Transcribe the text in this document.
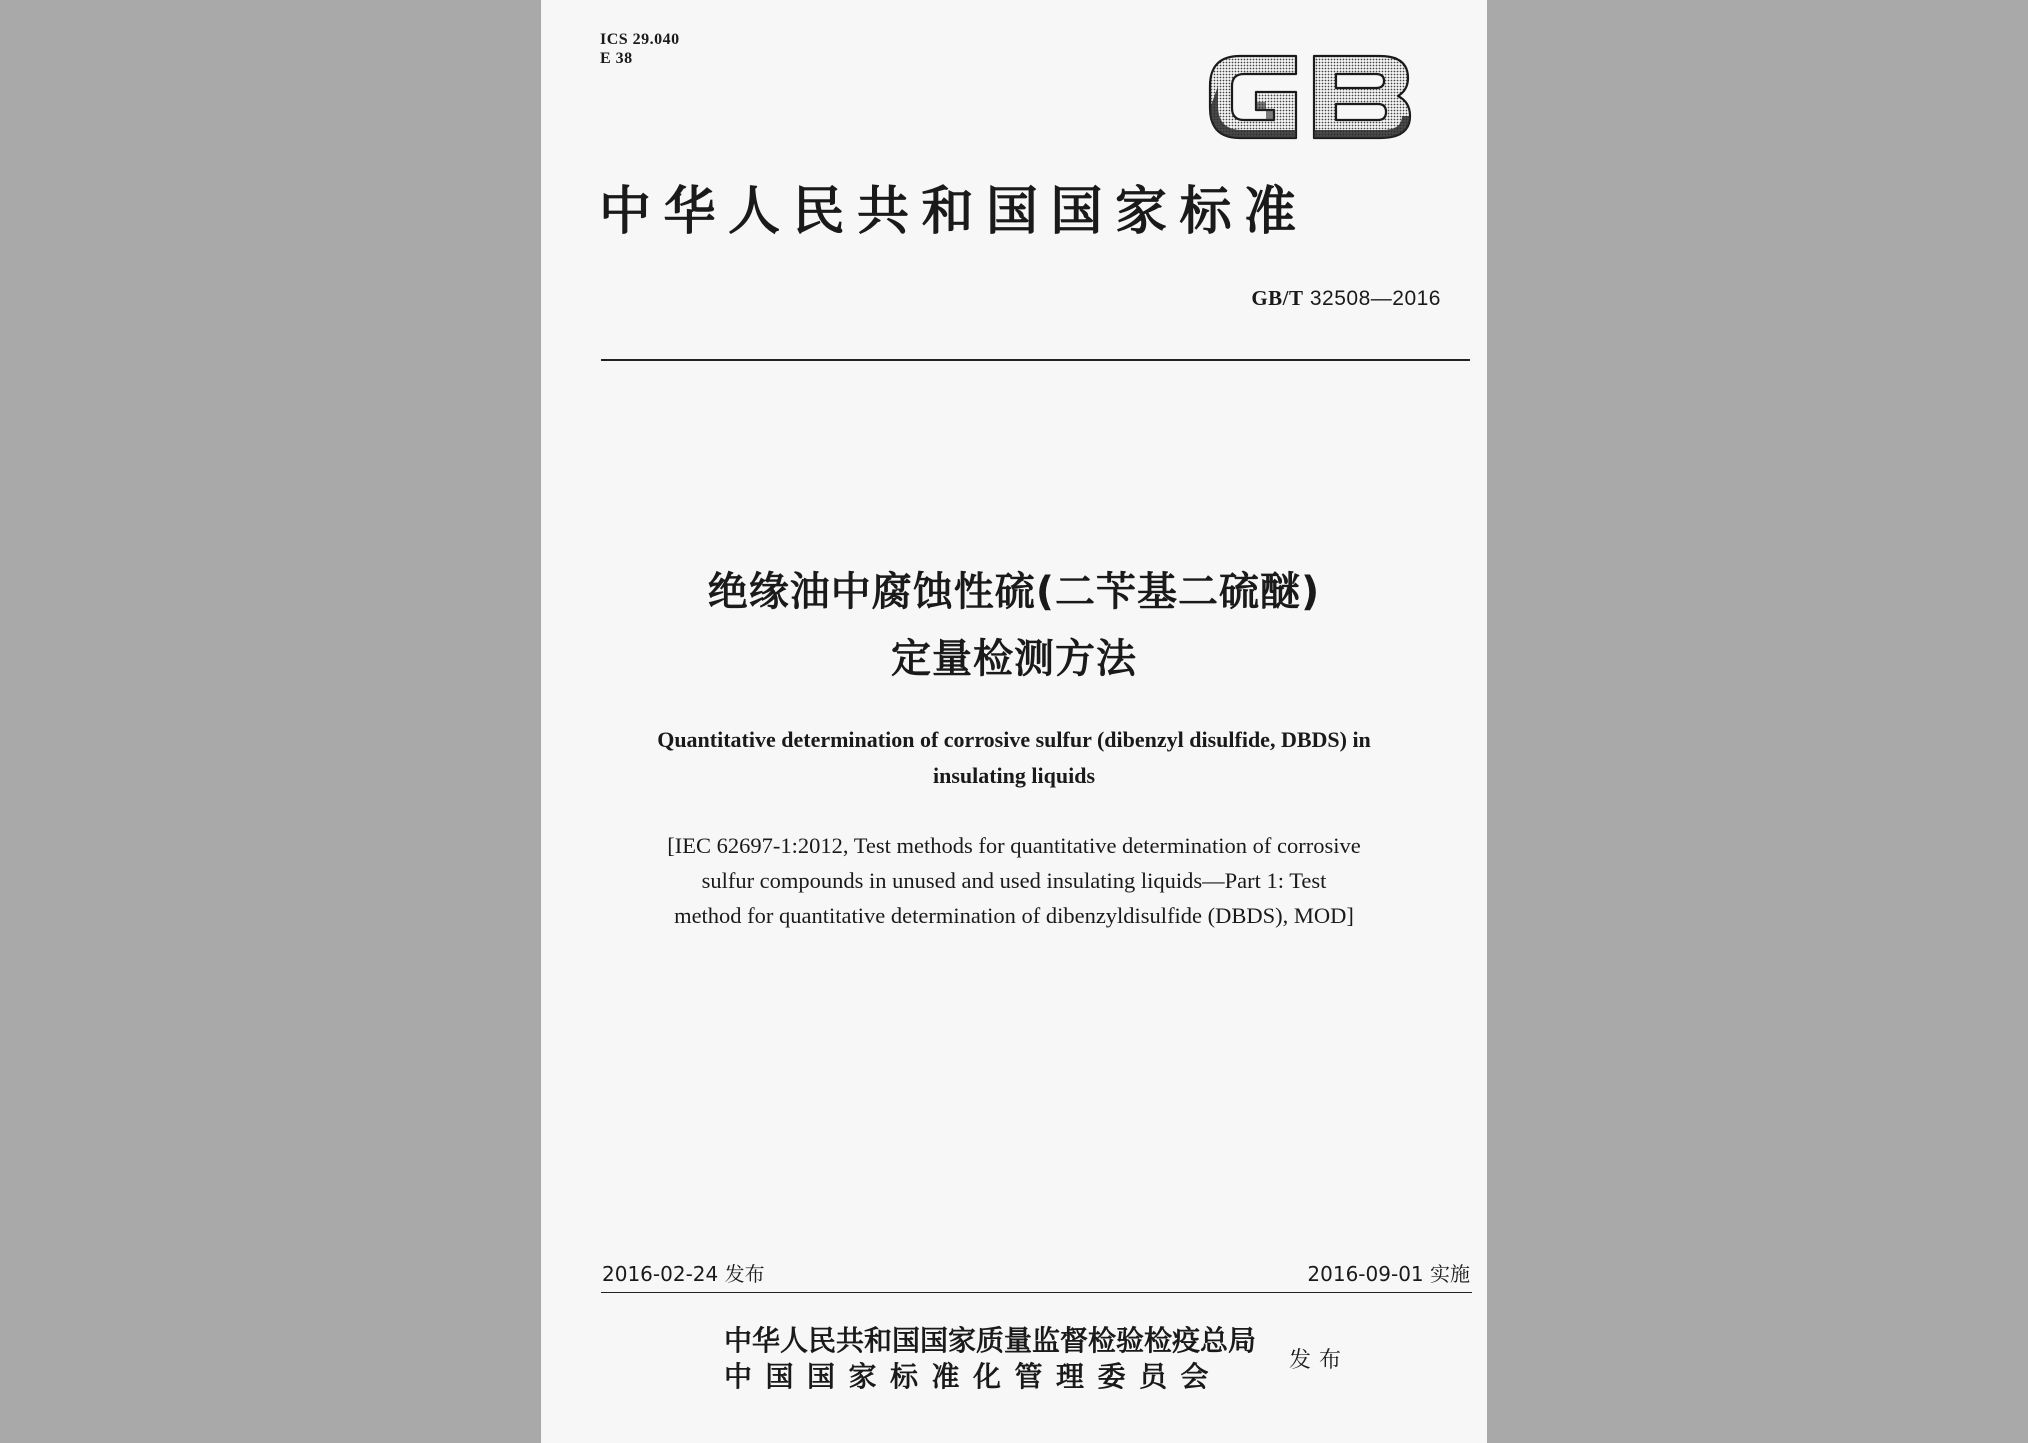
ICS 29.040
E 38
中华人民共和国国家标准
GB/T 32508—2016
绝缘油中腐蚀性硫(二苄基二硫醚)
定量检测方法
Quantitative determination of corrosive sulfur (dibenzyl disulfide, DBDS) in
insulating liquids
[IEC 62697-1:2012, Test methods for quantitative determination of corrosive
sulfur compounds in unused and used insulating liquids—Part 1: Test
method for quantitative determination of dibenzyldisulfide (DBDS), MOD]
2016-02-24 发布	2016-09-01 实施
中华人民共和国国家质量监督检验检疫总局
中国国家标准化管理委员会	发布
